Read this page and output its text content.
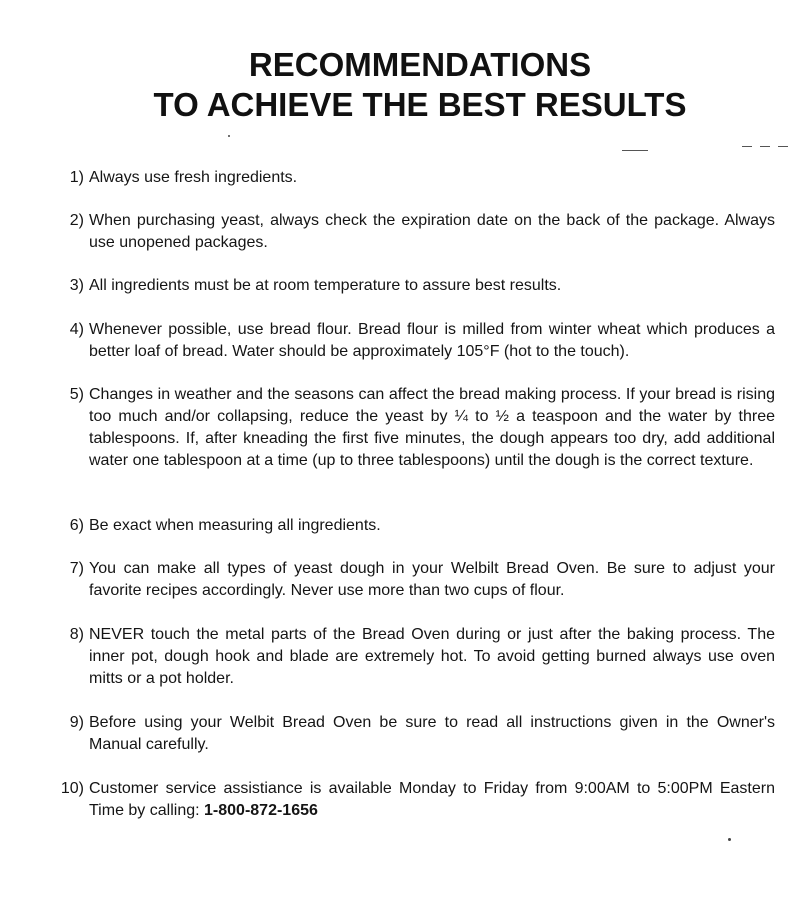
RECOMMENDATIONS
TO ACHIEVE THE BEST RESULTS
1) Always use fresh ingredients.

2) When purchasing yeast, always check the expiration date on the back of the package. Always use unopened packages.

3) All ingredients must be at room temperature to assure best results.

4) Whenever possible, use bread flour. Bread flour is milled from winter wheat which produces a better loaf of bread. Water should be approximately 105°F (hot to the touch).

5) Changes in weather and the seasons can affect the bread making process. If your bread is rising too much and/or collapsing, reduce the yeast by ¼ to ½ a teaspoon and the water by three tablespoons. If, after kneading the first five minutes, the dough appears too dry, add additional water one tablespoon at a time (up to three tablespoons) until the dough is the correct texture.

6) Be exact when measuring all ingredients.

7) You can make all types of yeast dough in your Welbilt Bread Oven. Be sure to adjust your favorite recipes accordingly. Never use more than two cups of flour.

8) NEVER touch the metal parts of the Bread Oven during or just after the baking process. The inner pot, dough hook and blade are extremely hot. To avoid getting burned always use oven mitts or a pot holder.

9) Before using your Welbit Bread Oven be sure to read all instructions given in the Owner's Manual carefully.

10) Customer service assistiance is available Monday to Friday from 9:00AM to 5:00PM Eastern Time by calling: 1-800-872-1656
